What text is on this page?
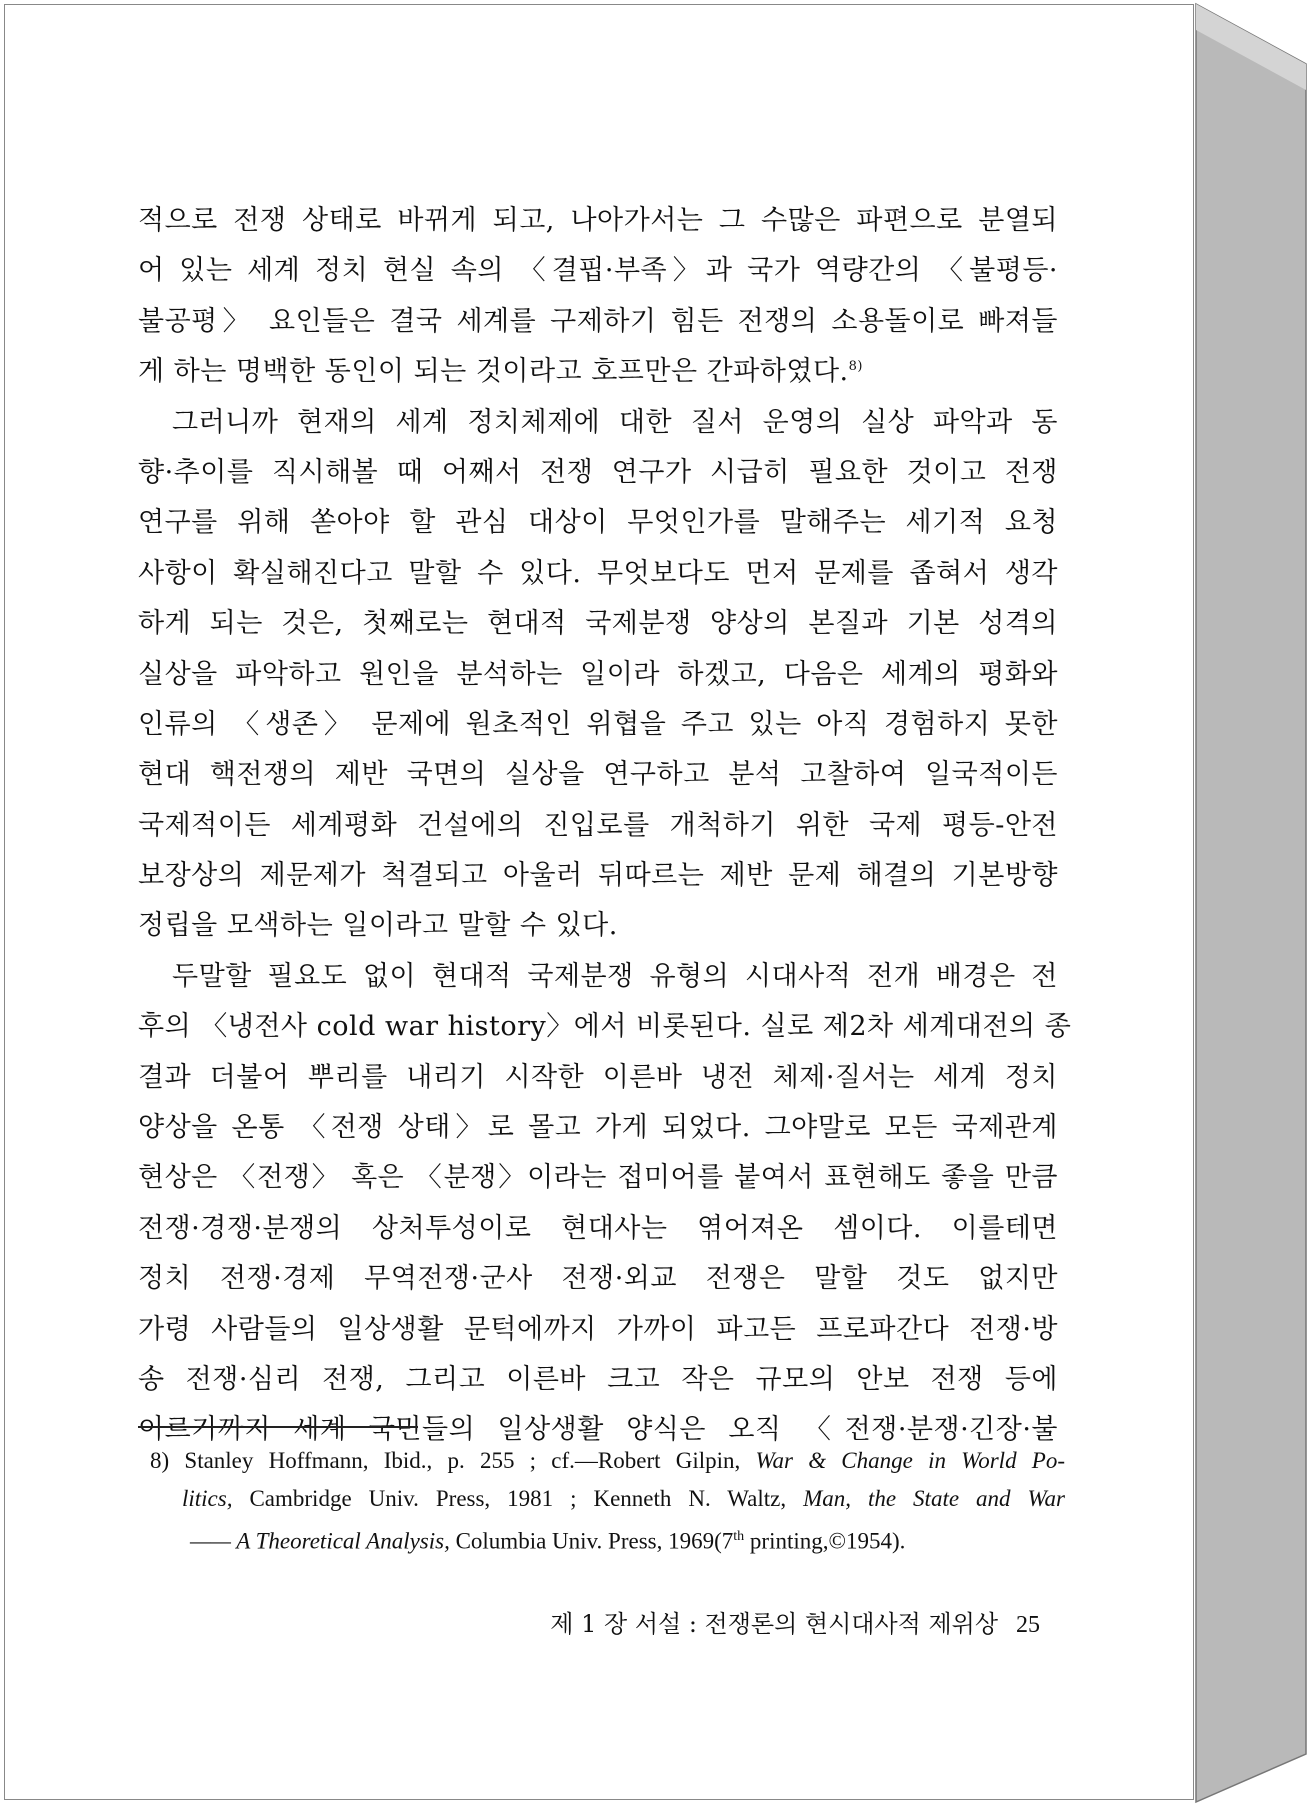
적으로 전쟁 상태로 바뀌게 되고, 나아가서는 그 수많은 파편으로 분열되
어 있는 세계 정치 현실 속의 〈결핍·부족〉과 국가 역량간의 〈불평등·
불공평〉 요인들은 결국 세계를 구제하기 힘든 전쟁의 소용돌이로 빠져들
게 하는 명백한 동인이 되는 것이라고 호프만은 간파하였다.$^{8)}$
그러니까 현재의 세계 정치체제에 대한 질서 운영의 실상 파악과 동
향·추이를 직시해볼 때 어째서 전쟁 연구가 시급히 필요한 것이고 전쟁
연구를 위해 쏟아야 할 관심 대상이 무엇인가를 말해주는 세기적 요청
사항이 확실해진다고 말할 수 있다. 무엇보다도 먼저 문제를 좁혀서 생각
하게 되는 것은, 첫째로는 현대적 국제분쟁 양상의 본질과 기본 성격의
실상을 파악하고 원인을 분석하는 일이라 하겠고, 다음은 세계의 평화와
인류의 〈생존〉 문제에 원초적인 위협을 주고 있는 아직 경험하지 못한
현대 핵전쟁의 제반 국면의 실상을 연구하고 분석 고찰하여 일국적이든
국제적이든 세계평화 건설에의 진입로를 개척하기 위한 국제 평등-안전
보장상의 제문제가 척결되고 아울러 뒤따르는 제반 문제 해결의 기본방향
정립을 모색하는 일이라고 말할 수 있다.
두말할 필요도 없이 현대적 국제분쟁 유형의 시대사적 전개 배경은 전
후의 〈냉전사 cold war history〉에서 비롯된다. 실로 제2차 세계대전의 종
결과 더불어 뿌리를 내리기 시작한 이른바 냉전 체제·질서는 세계 정치
양상을 온통 〈전쟁 상태〉로 몰고 가게 되었다. 그야말로 모든 국제관계
현상은 〈전쟁〉 혹은 〈분쟁〉이라는 접미어를 붙여서 표현해도 좋을 만큼
전쟁·경쟁·분쟁의 상처투성이로 현대사는 엮어져온 셈이다. 이를테면
정치 전쟁·경제 무역전쟁·군사 전쟁·외교 전쟁은 말할 것도 없지만
가령 사람들의 일상생활 문턱에까지 가까이 파고든 프로파간다 전쟁·방
송 전쟁·심리 전쟁, 그리고 이른바 크고 작은 규모의 안보 전쟁 등에
이르기까지 세계 국민들의 일상생활 양식은 오직 〈전쟁·분쟁·긴장·불
8) Stanley Hoffmann, Ibid., p. 255 ; cf.—Robert Gilpin, War & Change in World Po-
litics, Cambridge Univ. Press, 1981 ; Kenneth N. Waltz, Man, the State and War
—— A Theoretical Analysis, Columbia Univ. Press, 1969(7th printing,©1954).
제 1 장 서설 : 전쟁론의 현시대사적 제위상 25
